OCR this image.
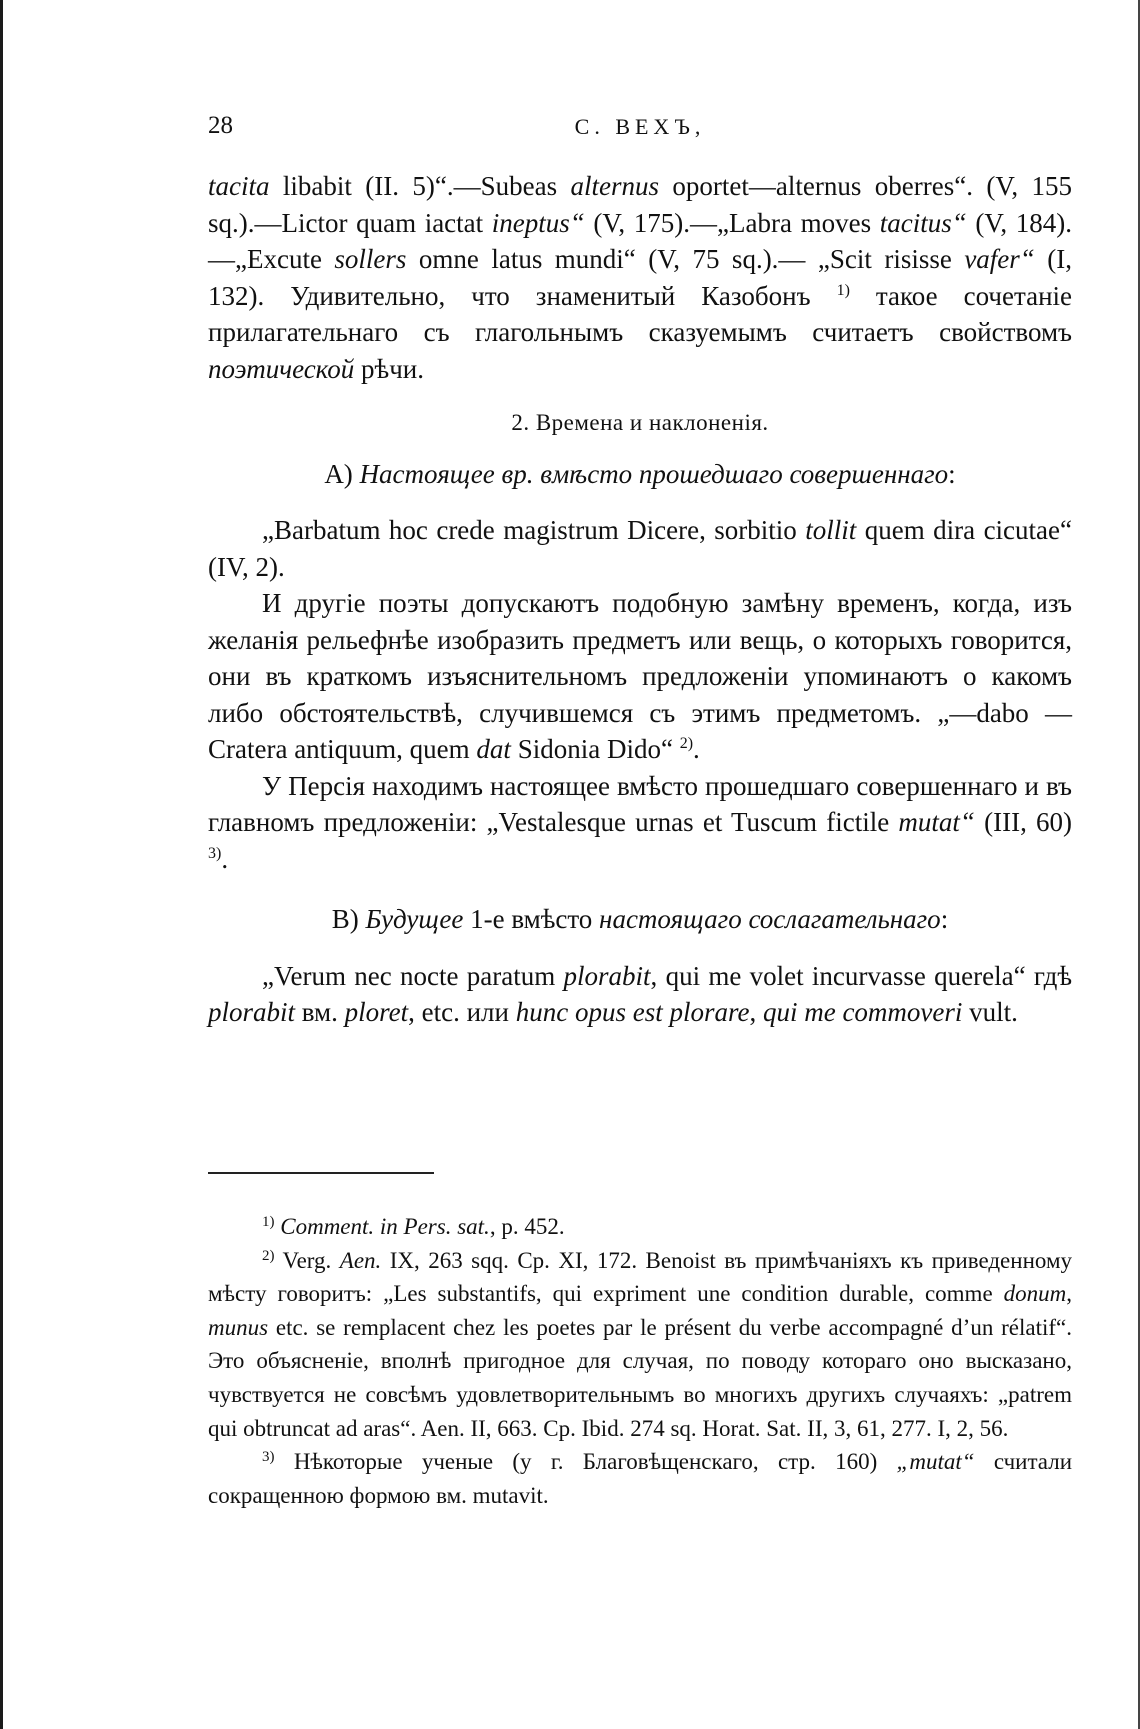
28	С. ВЕХЪ,

tacita libabit (II. 5)“.—Subeas alternus oportet—alternus oberres“. (V, 155 sq.).—Lictor quam iactat ineptus“ (V, 175).—„Labra moves tacitus“ (V, 184).—„Excute sollers omne latus mundi“ (V, 75 sq.).— „Scit risisse vafer“ (I, 132). Удивительно, что знаменитый Казобонъ $^{1)}$ такое сочетаніе прилагательнаго съ глагольнымъ сказуемымъ считаетъ свойствомъ поэтической рѣчи.

2. Времена и наклоненія.

A) Настоящее вр. вмѣсто прошедшаго совершеннаго:

„Barbatum hoc crede magistrum Dicere, sorbitio tollit quem dira cicutae“ (IV, 2).

И другіе поэты допускаютъ подобную замѣну временъ, когда, изъ желанія рельефнѣе изобразить предметъ или вещь, о которыхъ говорится, они въ краткомъ изъяснительномъ предложеніи упоминаютъ о какомъ либо обстоятельствѣ, случившемся съ этимъ предметомъ. „—dabo —Cratera antiquum, quem dat Sidonia Dido“ $^{2)}$.

У Персія находимъ настоящее вмѣсто прошедшаго совершеннаго и въ главномъ предложеніи: „Vestalesque urnas et Tuscum fictile mutat“ (III, 60) $^{3)}$.

B) Будущее 1-е вмѣсто настоящаго сослагательнаго:

„Verum nec nocte paratum plorabit, qui me volet incurvasse querela“ гдѣ plorabit вм. ploret, etc. или hunc opus est plorare, qui me commoveri vult.

$^{1)}$ Comment. in Pers. sat., p. 452.

$^{2)}$ Verg. Aen. IX, 263 sqq. Cp. XI, 172. Benoist въ примѣчаніяхъ къ приведенному мѣсту говоритъ: „Les substantifs, qui expriment une condition durable, comme donum, munus etc. se remplacent chez les poetes par le présent du verbe accompagné d’un rélatif“. Это объясненіе, вполнѣ пригодное для случая, по поводу котораго оно высказано, чувствуется не совсѣмъ удовлетворительнымъ во многихъ другихъ случаяхъ: „patrem qui obtruncat ad aras“. Aen. II, 663. Cp. Ibid. 274 sq. Horat. Sat. II, 3, 61, 277. I, 2, 56.

$^{3)}$ Нѣкоторые ученые (у г. Благовѣщенскаго, стр. 160) „mutat“ считали сокращенною формою вм. mutavit.
